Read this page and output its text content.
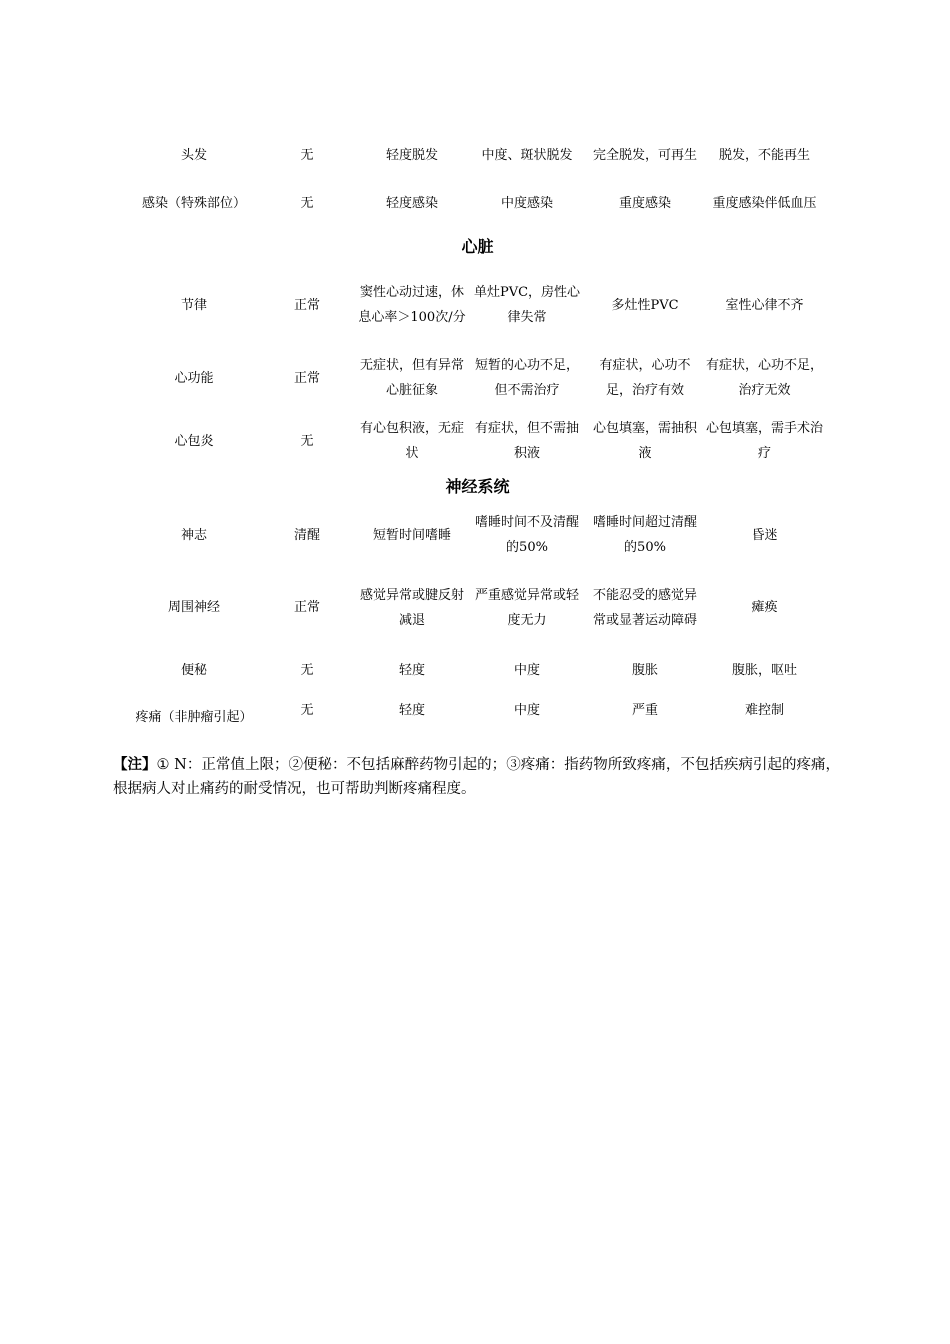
头发	无	轻度脱发	中度、斑状脱发	完全脱发，可再生	脱发，不能再生
感染（特殊部位）	无	轻度感染	中度感染	重度感染	重度感染伴低血压
心脏
节律	正常	窦性心动过速，休息心率＞100次/分	单灶PVC，房性心律失常	多灶性PVC	室性心律不齐
心功能	正常	无症状，但有异常心脏征象	短暂的心功不足，但不需治疗	有症状，心功不足，治疗有效	有症状，心功不足，治疗无效
心包炎	无	有心包积液，无症状	有症状，但不需抽积液	心包填塞，需抽积液	心包填塞，需手术治疗
神经系统
神志	清醒	短暂时间嗜睡	嗜睡时间不及清醒的50%	嗜睡时间超过清醒的50%	昏迷
周围神经	正常	感觉异常或腱反射减退	严重感觉异常或轻度无力	不能忍受的感觉异常或显著运动障碍	瘫痪
便秘	无	轻度	中度	腹胀	腹胀，呕吐
疼痛（非肿瘤引起）	无	轻度	中度	严重	难控制
【注】① N：正常值上限；②便秘：不包括麻醉药物引起的；③疼痛：指药物所致疼痛，不包括疾病引起的疼痛，根据病人对止痛药的耐受情况，也可帮助判断疼痛程度。
